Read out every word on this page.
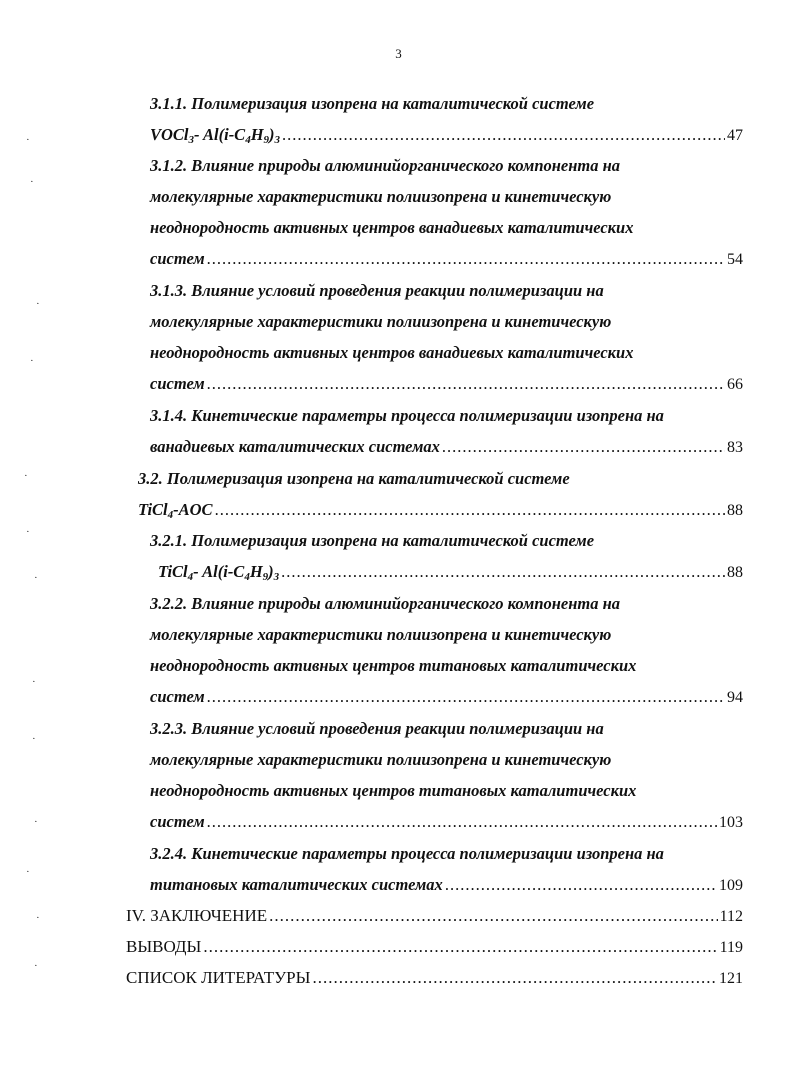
3
3.1.1. Полимеризация изопрена на каталитической системе
VOCl$_3$- $Al(i-C_4H_9)_3$ .....	47
3.1.2. Влияние природы алюминийорганического компонента на
молекулярные характеристики полиизопрена и кинетическую
неоднородность активных центров ванадиевых каталитических
систем .....	54
3.1.3. Влияние условий проведения реакции полимеризации на
молекулярные характеристики полиизопрена и кинетическую
неоднородность активных центров ванадиевых каталитических
систем .....	66
3.1.4. Кинетические параметры процесса полимеризации изопрена на
ванадиевых каталитических системах .....	83
3.2. Полимеризация изопрена на каталитической системе
TiCl$_4$-AOC .....	88
3.2.1. Полимеризация изопрена на каталитической системе
TiCl$_4$- $Al(i-C_4H_9)_3$ .....	88
3.2.2. Влияние природы алюминийорганического компонента на
молекулярные характеристики полиизопрена и кинетическую
неоднородность активных центров титановых каталитических
систем .....	94
3.2.3. Влияние условий проведения реакции полимеризации на
молекулярные характеристики полиизопрена и кинетическую
неоднородность активных центров титановых каталитических
систем .....	103
3.2.4. Кинетические параметры процесса полимеризации изопрена на
титановых каталитических системах .....	109
IV. ЗАКЛЮЧЕНИЕ .....	112
ВЫВОДЫ .....	119
СПИСОК ЛИТЕРАТУРЫ .....	121
·
·
·
·
·
·
·
·
·
·
·
·
·
